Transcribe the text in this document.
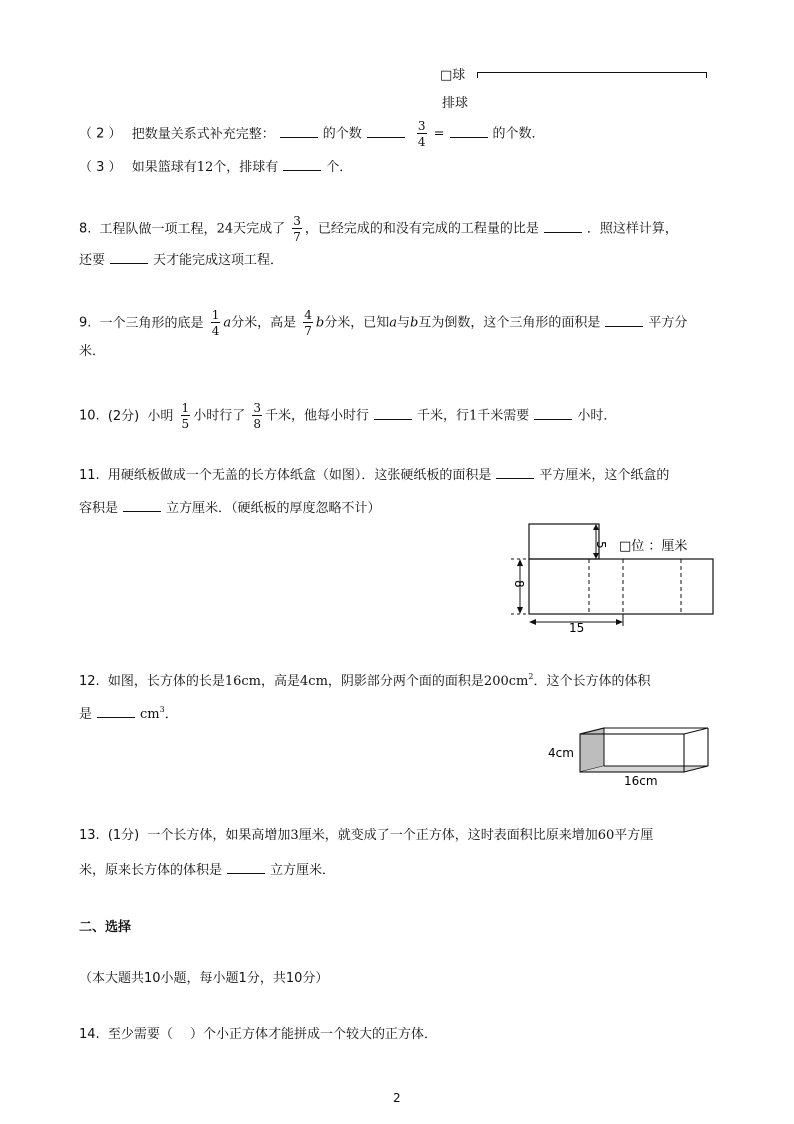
□球
排球
（ 2 ） 把数量关系式补充完整：	的个数	$\frac{3}{4}$ =	的个数．
（ 3 ） 如果篮球有12个，排球有	个．
8. 工程队做一项工程，24天完成了 $\frac{3}{7}$ ，已经完成的和没有完成的工程量的比是	．照这样计算，
还要	天才能完成这项工程．
9. 一个三角形的底是 $\frac{1}{4}$ a分米，高是 $\frac{4}{7}$ b分米，已知a与b互为倒数，这个三角形的面积是	平方分
米．
10. (2分) 小明 $\frac{1}{5}$ 小时行了 $\frac{3}{8}$ 千米，他每小时行	千米，行1千米需要	小时．
11. 用硬纸板做成一个无盖的长方体纸盒（如图）．这张硬纸板的面积是	平方厘米，这个纸盒的
容积是	立方厘米．（硬纸板的厚度忽略不计）
8
5
15
□位 ：厘米
12. 如图，长方体的长是16cm，高是4cm，阴影部分两个面的面积是$200cm^2$．这个长方体的体积
是	$cm^3$．
4cm
16cm
13. (1分) 一个长方体，如果高增加3厘米，就变成了一个正方体，这时表面积比原来增加60平方厘
米，原来长方体的体积是	立方厘米．
二、选择
（本大题共10小题，每小题1分，共10分）
14. 至少需要（　 ）个小正方体才能拼成一个较大的正方体．
2
